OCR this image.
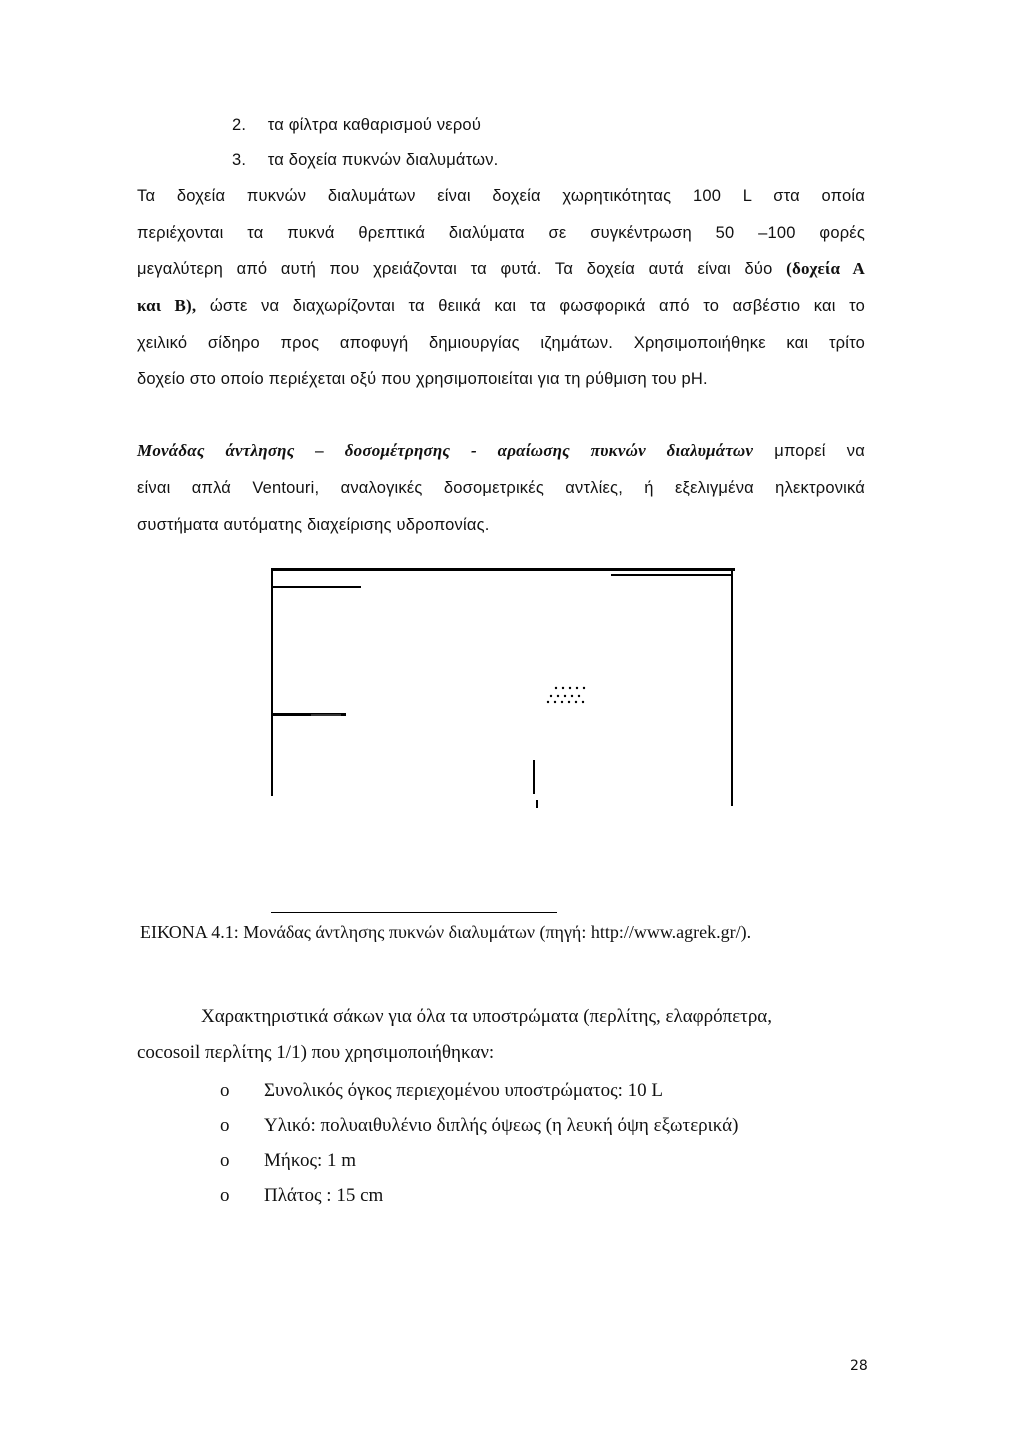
2. τα φίλτρα καθαρισμού νερού
3. τα δοχεία πυκνών διαλυμάτων.
Τα δοχεία πυκνών διαλυμάτων είναι δοχεία χωρητικότητας 100 L στα οποία
περιέχονται τα πυκνά θρεπτικά διαλύματα σε συγκέντρωση 50 –100 φορές
μεγαλύτερη από αυτή που χρειάζονται τα φυτά. Τα δοχεία αυτά είναι δύο (δοχεία Α
και Β), ώστε να διαχωρίζονται τα θειικά και τα φωσφορικά από το ασβέστιο και το
χειλικό σίδηρο προς αποφυγή δημιουργίας ιζημάτων. Χρησιμοποιήθηκε και τρίτο
δοχείο στο οποίο περιέχεται οξύ που χρησιμοποιείται για τη ρύθμιση του pH.
Μονάδας άντλησης – δοσομέτρησης - αραίωσης πυκνών διαλυμάτων μπορεί να
είναι απλά Ventouri, αναλογικές δοσομετρικές αντλίες, ή εξελιγμένα ηλεκτρονικά
συστήματα αυτόματης διαχείρισης υδροπονίας.
ΕΙΚΟΝΑ 4.1: Μονάδας άντλησης πυκνών διαλυμάτων (πηγή: http://www.agrek.gr/).
Χαρακτηριστικά σάκων για όλα τα υποστρώματα (περλίτης, ελαφρόπετρα,
cocosoil περλίτης 1/1) που χρησιμοποιήθηκαν:
o Συνολικός όγκος περιεχομένου υποστρώματος: 10 L
o Υλικό: πολυαιθυλένιο διπλής όψεως (η λευκή όψη εξωτερικά)
o Μήκος: 1 m
o Πλάτος : 15 cm
28
